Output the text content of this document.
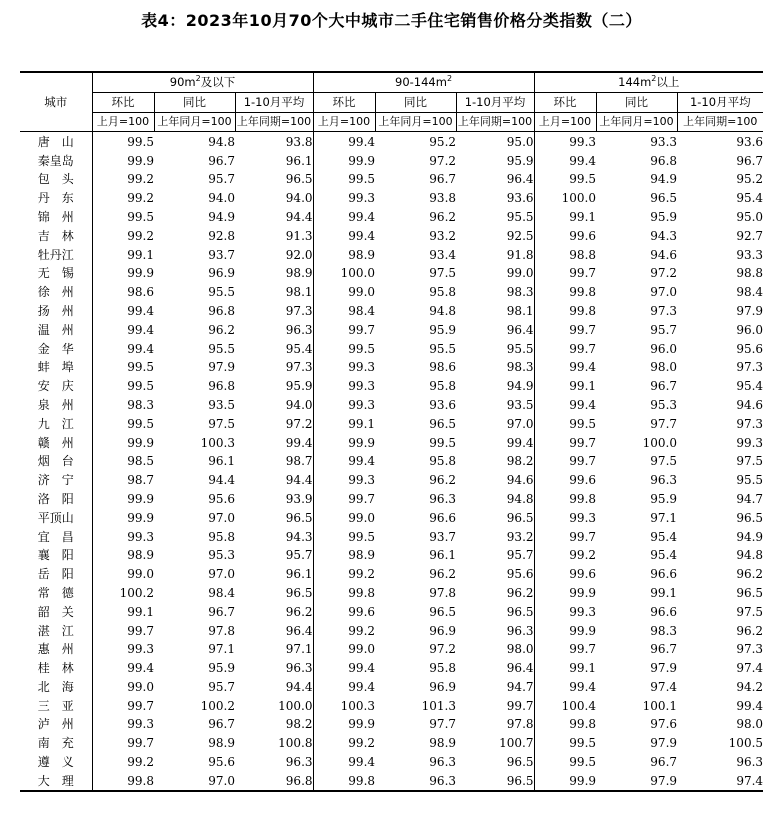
表4：2023年10月70个大中城市二手住宅销售价格分类指数（二）
城市	$90m^2$及以下			$90-144m^2$			$144m^2$以上		
	环比	同比	1-10月平均	环比	同比	1-10月平均	环比	同比	1-10月平均
	上月=100	上年同月=100	上年同期=100	上月=100	上年同月=100	上年同期=100	上月=100	上年同月=100	上年同期=100
唐　山	99.5	94.8	93.8	99.4	95.2	95.0	99.3	93.3	93.6
秦皇岛	99.9	96.7	96.1	99.9	97.2	95.9	99.4	96.8	96.7
包　头	99.2	95.7	96.5	99.5	96.7	96.4	99.5	94.9	95.2
丹　东	99.2	94.0	94.0	99.3	93.8	93.6	100.0	96.5	95.4
锦　州	99.5	94.9	94.4	99.4	96.2	95.5	99.1	95.9	95.0
吉　林	99.2	92.8	91.3	99.4	93.2	92.5	99.6	94.3	92.7
牡丹江	99.1	93.7	92.0	98.9	93.4	91.8	98.8	94.6	93.3
无　锡	99.9	96.9	98.9	100.0	97.5	99.0	99.7	97.2	98.8
徐　州	98.6	95.5	98.1	99.0	95.8	98.3	99.8	97.0	98.4
扬　州	99.4	96.8	97.3	98.4	94.8	98.1	99.8	97.3	97.9
温　州	99.4	96.2	96.3	99.7	95.9	96.4	99.7	95.7	96.0
金　华	99.4	95.5	95.4	99.5	95.5	95.5	99.7	96.0	95.6
蚌　埠	99.5	97.9	97.3	99.3	98.6	98.3	99.4	98.0	97.3
安　庆	99.5	96.8	95.9	99.3	95.8	94.9	99.1	96.7	95.4
泉　州	98.3	93.5	94.0	99.3	93.6	93.5	99.4	95.3	94.6
九　江	99.5	97.5	97.2	99.1	96.5	97.0	99.5	97.7	97.3
赣　州	99.9	100.3	99.4	99.9	99.5	99.4	99.7	100.0	99.3
烟　台	98.5	96.1	98.7	99.4	95.8	98.2	99.7	97.5	97.5
济　宁	98.7	94.4	94.4	99.3	96.2	94.6	99.6	96.3	95.5
洛　阳	99.9	95.6	93.9	99.7	96.3	94.8	99.8	95.9	94.7
平顶山	99.9	97.0	96.5	99.0	96.6	96.5	99.3	97.1	96.5
宜　昌	99.3	95.8	94.3	99.5	93.7	93.2	99.7	95.4	94.9
襄　阳	98.9	95.3	95.7	98.9	96.1	95.7	99.2	95.4	94.8
岳　阳	99.0	97.0	96.1	99.2	96.2	95.6	99.6	96.6	96.2
常　德	100.2	98.4	96.5	99.8	97.8	96.2	99.9	99.1	96.5
韶　关	99.1	96.7	96.2	99.6	96.5	96.5	99.3	96.6	97.5
湛　江	99.7	97.8	96.4	99.2	96.9	96.3	99.9	98.3	96.2
惠　州	99.3	97.1	97.1	99.0	97.2	98.0	99.7	96.7	97.3
桂　林	99.4	95.9	96.3	99.4	95.8	96.4	99.1	97.9	97.4
北　海	99.0	95.7	94.4	99.4	96.9	94.7	99.4	97.4	94.2
三　亚	99.7	100.2	100.0	100.3	101.3	99.7	100.4	100.1	99.4
泸　州	99.3	96.7	98.2	99.9	97.7	97.8	99.8	97.6	98.0
南　充	99.7	98.9	100.8	99.2	98.9	100.7	99.5	97.9	100.5
遵　义	99.2	95.6	96.3	99.4	96.3	96.5	99.5	96.7	96.3
大　理	99.8	97.0	96.8	99.8	96.3	96.5	99.9	97.9	97.4
